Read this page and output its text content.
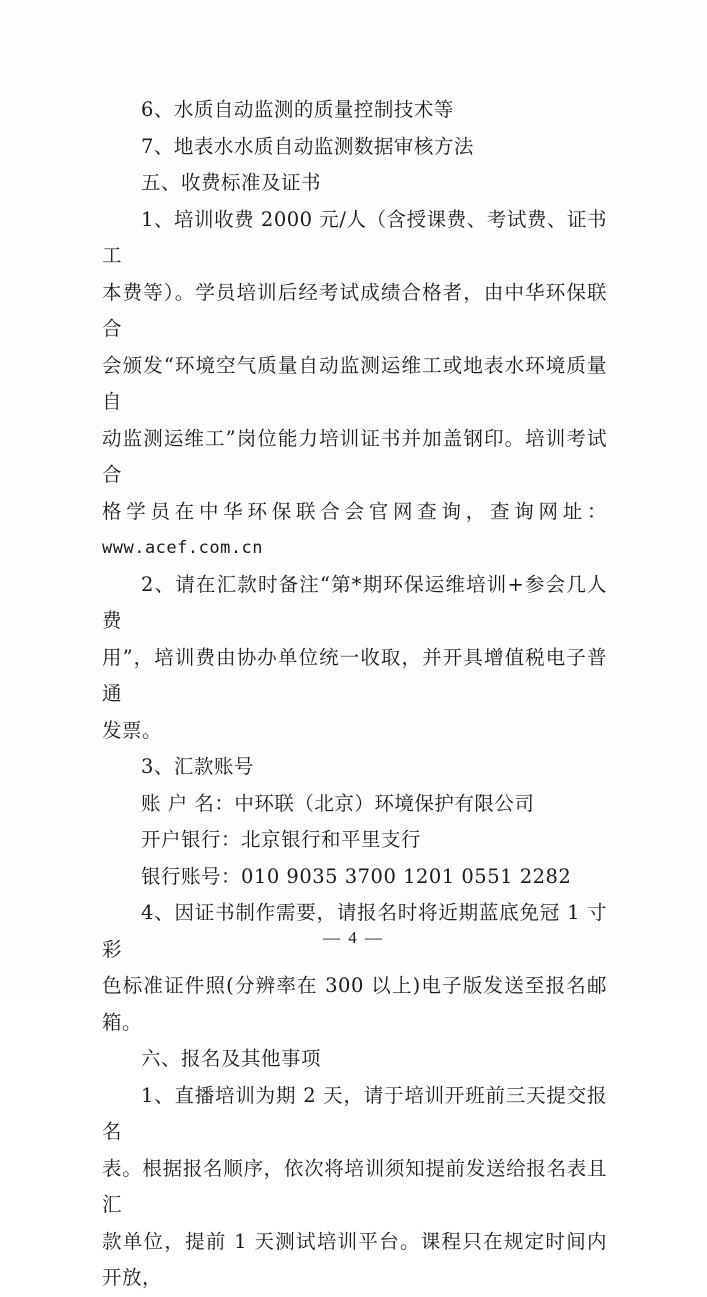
6、水质自动监测的质量控制技术等

7、地表水水质自动监测数据审核方法

五、收费标准及证书

1、培训收费 2000 元/人（含授课费、考试费、证书工
本费等）。学员培训后经考试成绩合格者，由中华环保联合
会颁发“环境空气质量自动监测运维工或地表水环境质量自
动监测运维工”岗位能力培训证书并加盖钢印。培训考试合
格学员在中华环保联合会官网查询，查询网址：
www.acef.com.cn

2、请在汇款时备注“第*期环保运维培训+参会几人费
用”，培训费由协办单位统一收取，并开具增值税电子普通
发票。

3、汇款账号

账 户 名：中环联（北京）环境保护有限公司

开户银行：北京银行和平里支行

银行账号：010 9035 3700 1201 0551 2282

4、因证书制作需要，请报名时将近期蓝底免冠 1 寸彩
色标准证件照(分辨率在 300 以上)电子版发送至报名邮箱。

六、报名及其他事项

1、直播培训为期 2 天，请于培训开班前三天提交报名
表。根据报名顺序，依次将培训须知提前发送给报名表且汇
款单位，提前 1 天测试培训平台。课程只在规定时间内开放，

— 4 —
